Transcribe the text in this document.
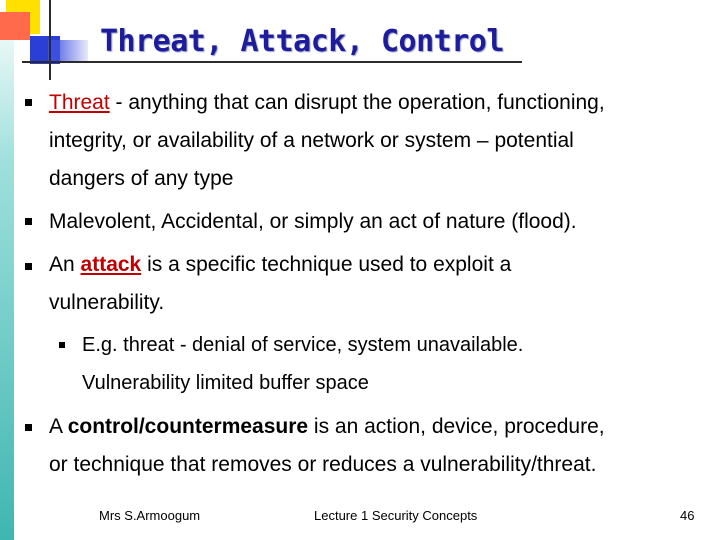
Threat, Attack, Control
Threat - anything that can disrupt the operation, functioning,
integrity, or availability of a network or system – potential
dangers of any type
Malevolent, Accidental, or simply an act of nature (flood).
An attack is a specific technique used to exploit a
vulnerability.
E.g. threat - denial of service, system unavailable.
Vulnerability limited buffer space
A control/countermeasure is an action, device, procedure,
or technique that removes or reduces a vulnerability/threat.
Mrs S.Armoogum	Lecture 1 Security Concepts	46
